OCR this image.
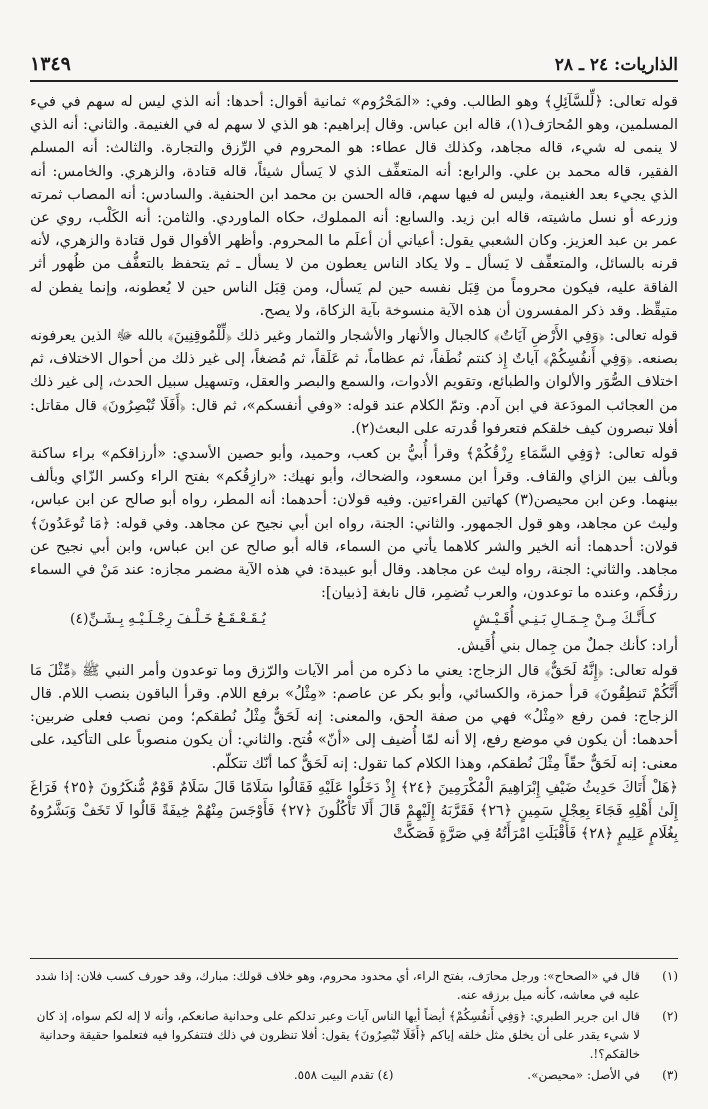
الذاريات: ٢٤ ـ ٢٨
١٣٤٩

قوله تعالى: ﴿لِّلسَّآئِلِ﴾ وهو الطالب. وفي: «المَحْرُوم» ثمانية أقوال: أحدها: أنه الذي ليس له سهم في فيء المسلمين، وهو المُحارَف(١)، قاله ابن عباس. وقال إبراهيم: هو الذي لا سهم له في الغنيمة. والثاني: أنه الذي لا ينمى له شيء، قاله مجاهد، وكذلك قال عطاء: هو المحروم في الرِّزق والتجارة. والثالث: أنه المسلم الفقير، قاله محمد بن علي. والرابع: أنه المتعفِّف الذي لا يَسأل شيئاً، قاله قتادة، والزهري. والخامس: أنه الذي يجيء بعد الغنيمة، وليس له فيها سهم، قاله الحسن بن محمد ابن الحنفية. والسادس: أنه المصاب ثمرته وزرعه أو نسل ماشيته، قاله ابن زيد. والسابع: أنه المملوك، حكاه الماوردي. والثامن: أنه الكَلْب، روي عن عمر بن عبد العزيز. وكان الشعبي يقول: أعياني أن أعلَم ما المحروم. وأظهر الأقوال قول قتادة والزهري، لأنه قرنه بالسائل، والمتعفِّف لا يَسأل ـ ولا يكاد الناس يعطون من لا يسأل ـ ثم يتحفظ بالتعفُّف من ظُهور أثر الفاقة عليه، فيكون محروماً من قِبَل نفسه حين لم يَسأل، ومن قِبَل الناس حين لا يُعطونه، وإنما يفطن له متيقِّظ. وقد ذكر المفسرون أن هذه الآية منسوخة بآية الزكاة، ولا يصح.

قوله تعالى: ﴿وَفِي الأَرْضِ آيَاتٌ﴾ كالجبال والأنهار والأشجار والثمار وغير ذلك ﴿لِّلْمُوقِنِينَ﴾ بالله ﷻ الذين يعرفونه بصنعه. ﴿وَفِي أَنفُسِكُمْ﴾ آياتٌ إِذ كنتم نُطَفاً، ثم عظاماً، ثم عَلَقاً، ثم مُضغاً، إلى غير ذلك من أحوال الاختلاف، ثم اختلاف الصُّوَر والألوان والطبائع، وتقويم الأدوات، والسمع والبصر والعقل، وتسهيل سبيل الحدث، إلى غير ذلك من العجائب المودَعة في ابن آدم. وتمّ الكلام عند قوله: «وفي أنفسكم»، ثم قال: ﴿أَفَلَا تُبْصِرُونَ﴾ قال مقاتل: أفلا تبصرون كيف خلقكم فتعرفوا قُدرته على البعث(٢).

قوله تعالى: ﴿وَفِي السَّمَاءِ رِزْقُكُمْ﴾ وقرأ أُبيُّ بن كعب، وحميد، وأبو حصين الأسدي: «أرزاقكم» براء ساكنة وبألف بين الزاي والقاف. وقرأ ابن مسعود، والضحاك، وأبو نهيك: «رازِقُكم» بفتح الراء وكسر الزّاي وبألف بينهما. وعن ابن محيصن(٣) كهاتين القراءتين. وفيه قولان: أحدهما: أنه المطر، رواه أبو صالح عن ابن عباس، وليث عن مجاهد، وهو قول الجمهور. والثاني: الجنة، رواه ابن أبي نجيح عن مجاهد. وفي قوله: ﴿مَا تُوعَدُونَ﴾ قولان: أحدهما: أنه الخير والشر كلاهما يأتي من السماء، قاله أبو صالح عن ابن عباس، وابن أبي نجيح عن مجاهد. والثاني: الجنة، رواه ليث عن مجاهد. وقال أبو عبيدة: في هذه الآية مضمر مجازه: عند مَنْ في السماء رزقُكم، وعنده ما توعدون، والعرب تُضمِر، قال نابغة [ذبيان]:

كـأَنَّـكَ مِـنْ جِـمَـالِ بَـنِـي أُقَـيْـشٍ
يُـقَـعْـقَـعُ خَـلْـفَ رِجْـلَـيْـهِ بِـشَـنِّ(٤)

أراد: كأنك جملٌ من جِمال بني أُقَيش.

قوله تعالى: ﴿إِنَّهُ لَحَقٌّ﴾ قال الزجاج: يعني ما ذكره من أمر الآيات والرّزق وما توعدون وأمر النبي ﷺ ﴿مِّثْلَ مَا أَنَّكُمْ تَنطِقُونَ﴾ قرأ حمزة، والكسائي، وأبو بكر عن عاصم: «مِثْلُ» برفع اللام. وقرأ الباقون بنصب اللام. قال الزجاج: فمن رفع «مِثْلُ» فهي من صفة الحق، والمعنى: إنه لَحَقٌّ مِثْلُ نُطقكم؛ ومن نصب فعلى ضربين: أحدهما: أن يكون في موضع رفع، إلا أنه لمّا أُضيف إلى «أنّ» فُتح. والثاني: أن يكون منصوباً على التأكيد، على معنى: إنه لَحَقٌّ حقّاً مِثْلَ نُطقكم، وهذا الكلام كما تقول: إنه لَحَقٌّ كما أنّك تتكلّم.

﴿هَلْ أَتَاكَ حَدِيثُ ضَيْفِ إِبْرَاهِيمَ الْمُكْرَمِينَ ﴿٢٤﴾ إِذْ دَخَلُوا عَلَيْهِ فَقَالُوا سَلَامًا قَالَ سَلَامٌ قَوْمٌ مُّنكَرُونَ ﴿٢٥﴾ فَرَاغَ إِلَىٰ أَهْلِهِ فَجَاءَ بِعِجْلٍ سَمِينٍ ﴿٢٦﴾ فَقَرَّبَهُ إِلَيْهِمْ قَالَ أَلَا تَأْكُلُونَ ﴿٢٧﴾ فَأَوْجَسَ مِنْهُمْ خِيفَةً قَالُوا لَا تَخَفْ وَبَشَّرُوهُ بِغُلَامٍ عَلِيمٍ ﴿٢٨﴾ فَأَقْبَلَتِ امْرَأَتُهُ فِي صَرَّةٍ فَصَكَّتْ

(١)
قال في «الصحاح»: ورجل محارَف، بفتح الراء، أي محدود محروم، وهو خلاف قولك: مبارك، وقد حورف كسب فلان: إذا شدد عليه في معاشه، كأنه ميل برزقه عنه.
(٢)
قال ابن جرير الطبري: ﴿وَفِي أَنفُسِكُمْ﴾ أيضاً أيها الناس آيات وعبر تدلكم على وحدانية صانعكم، وأنه لا إله لكم سواه، إذ كان لا شيء يقدر على أن يخلق مثل خلقه إياكم ﴿أَفَلَا تُبْصِرُونَ﴾ يقول: أفلا تنظرون في ذلك فتتفكروا فيه فتعلموا حقيقة وحدانية خالقكم؟!.
(٣)
في الأصل: «محيصن». (٤) تقدم البيت ٥٥٨.
